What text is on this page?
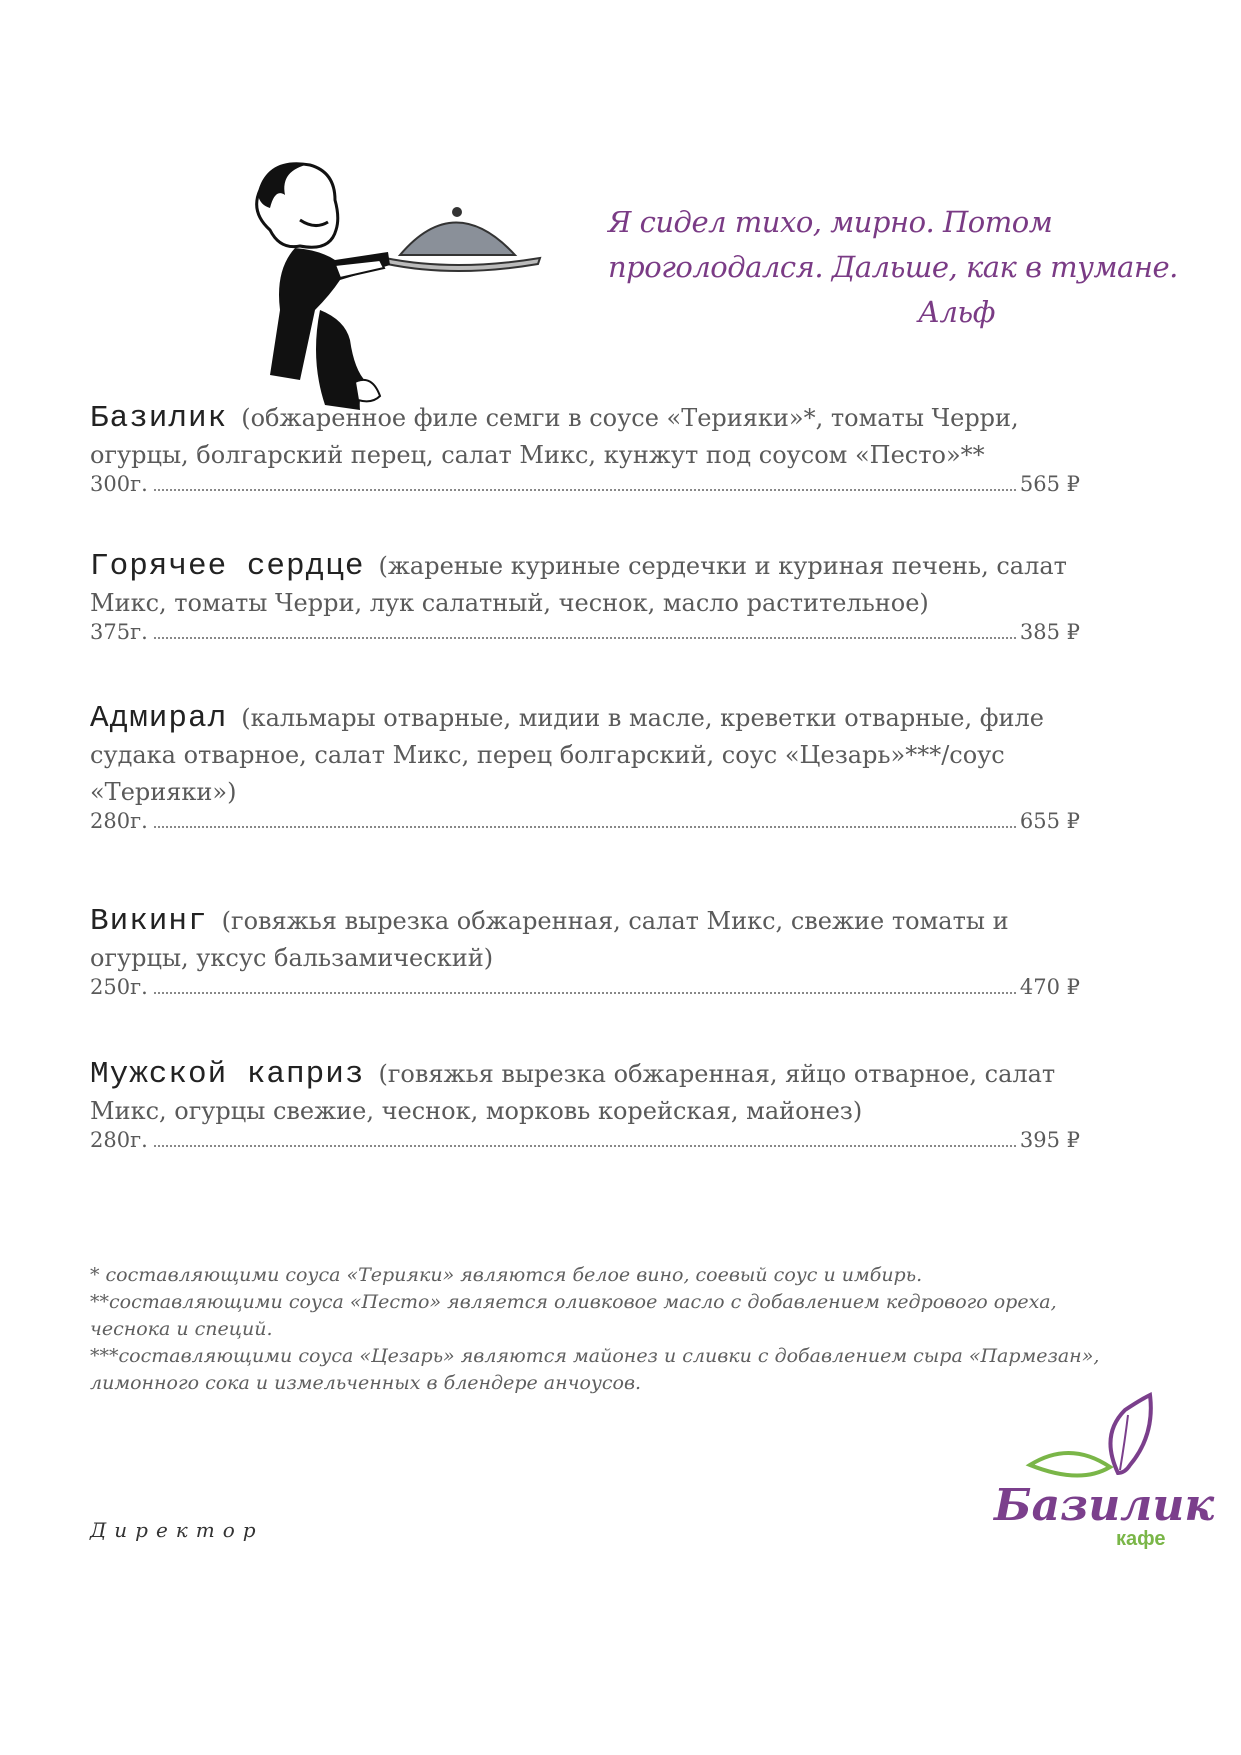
Я сидел тихо, мирно. Потом
проголодался. Дальше, как в тумане.
Альф

Базилик (обжаренное филе семги в соусе «Терияки»*, томаты Черри, огурцы, болгарский перец, салат Микс, кунжут под соусом «Песто»**

300г.	565 ₽

Горячее сердце (жареные куриные сердечки и куриная печень, салат Микс, томаты Черри, лук салатный, чеснок, масло растительное)

375г.	385 ₽

Адмирал (кальмары отварные, мидии в масле, креветки отварные, филе судака отварное, салат Микс, перец болгарский, соус «Цезарь»***/соус «Терияки»)

280г.	655 ₽

Викинг (говяжья вырезка обжаренная, салат Микс, свежие томаты и огурцы, уксус бальзамический)

250г.	470 ₽

Мужской каприз (говяжья вырезка обжаренная, яйцо отварное, салат Микс, огурцы свежие, чеснок, морковь корейская, майонез)

280г.	395 ₽

* составляющими соуса «Терияки» являются белое вино, соевый соус и имбирь.

**составляющими соуса «Песто» является оливковое масло с добавлением кедрового ореха, чеснока и специй.

***составляющими соуса «Цезарь» являются майонез и сливки с добавлением сыра «Пармезан», лимонного сока и измельченных в блендере анчоусов.

Директор	Базилик
кафе
